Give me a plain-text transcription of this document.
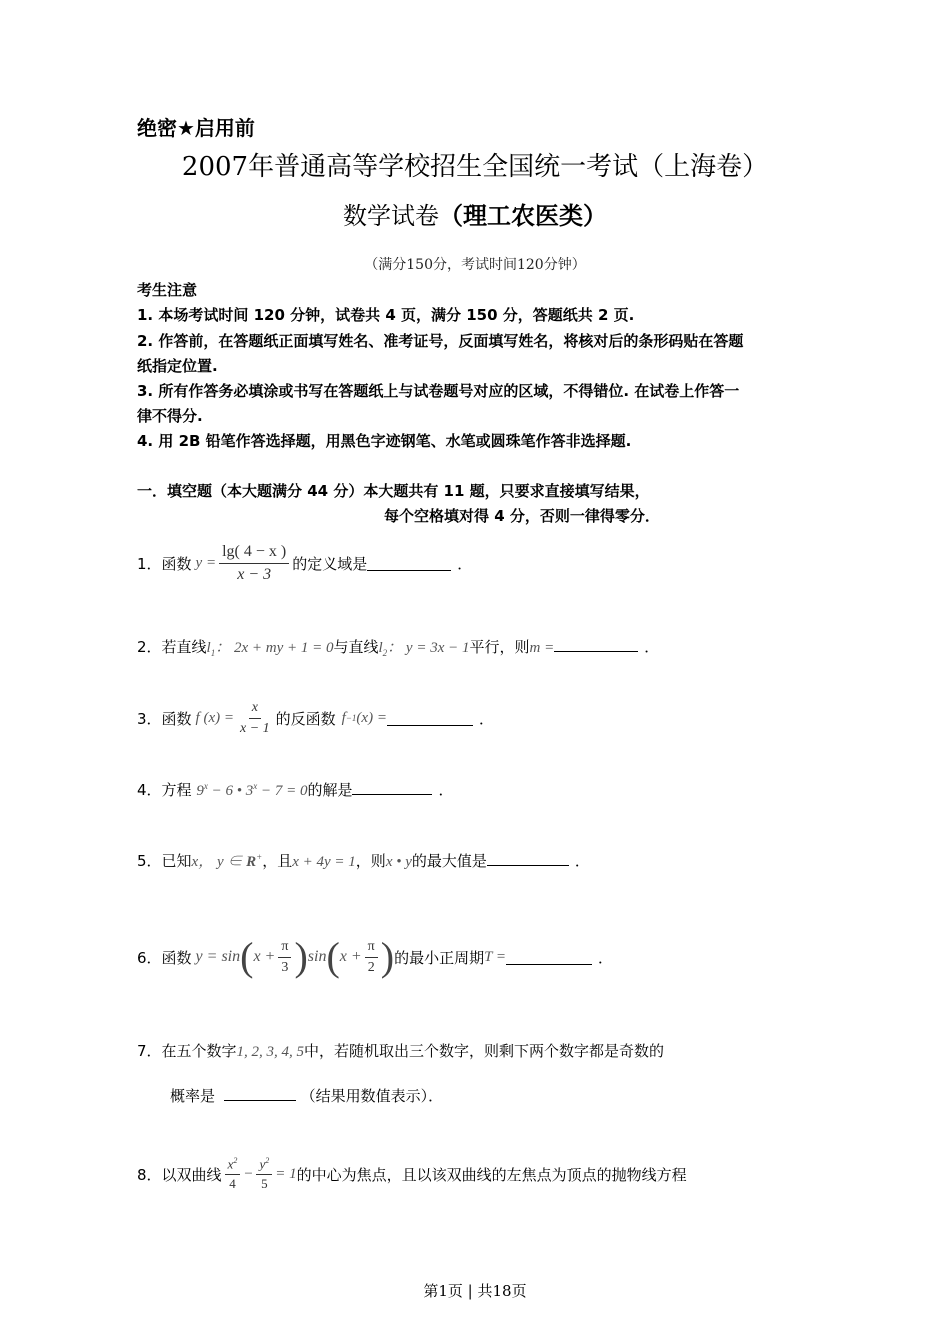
绝密★启用前
2007年普通高等学校招生全国统一考试（上海卷）
数学试卷（理工农医类）
（满分150分，考试时间120分钟）
考生注意
1. 本场考试时间 120 分钟，试卷共 4 页，满分 150 分，答题纸共 2 页.
2. 作答前，在答题纸正面填写姓名、准考证号，反面填写姓名，将核对后的条形码贴在答题
纸指定位置.
3. 所有作答务必填涂或书写在答题纸上与试卷题号对应的区域，不得错位. 在试卷上作答一
律不得分.
4. 用 2B 铅笔作答选择题，用黑色字迹钢笔、水笔或圆珠笔作答非选择题.
一．填空题（本大题满分 44 分）本大题共有 11 题，只要求直接填写结果，
每个空格填对得 4 分，否则一律得零分．
1．函数 $y = \frac{\lg( 4 - x )}{x - 3}$ 的定义域是	．
2．若直线$l_1$： 2x + my + 1 = 0与直线$l_2$： y = 3x − 1平行，则m =	．
3．函数 f $(x) = \frac{x}{x - 1}$ 的反函数 f −1 (x) =	．
4．方程 $9^x - 6$ • $3^x - 7 = 0$的解是	．
5．已知x， y ∈ R+，且x + 4y = 1，则x • y的最大值是	．
6．函数 y = sin ( $x + \frac{\pi}{3}$ ) sin ( $x + \frac{\pi}{2}$ ) 的最小正周期 T =	．
7．在五个数字1, 2, 3, 4, 5中，若随机取出三个数字，则剩下两个数字都是奇数的
概率是	（结果用数值表示）．
8．以双曲线 $\frac{x^2}{4} - \frac{y^2}{5} = 1$ 的中心为焦点，且以该双曲线的左焦点为顶点的抛物线方程
第1页 | 共18页
